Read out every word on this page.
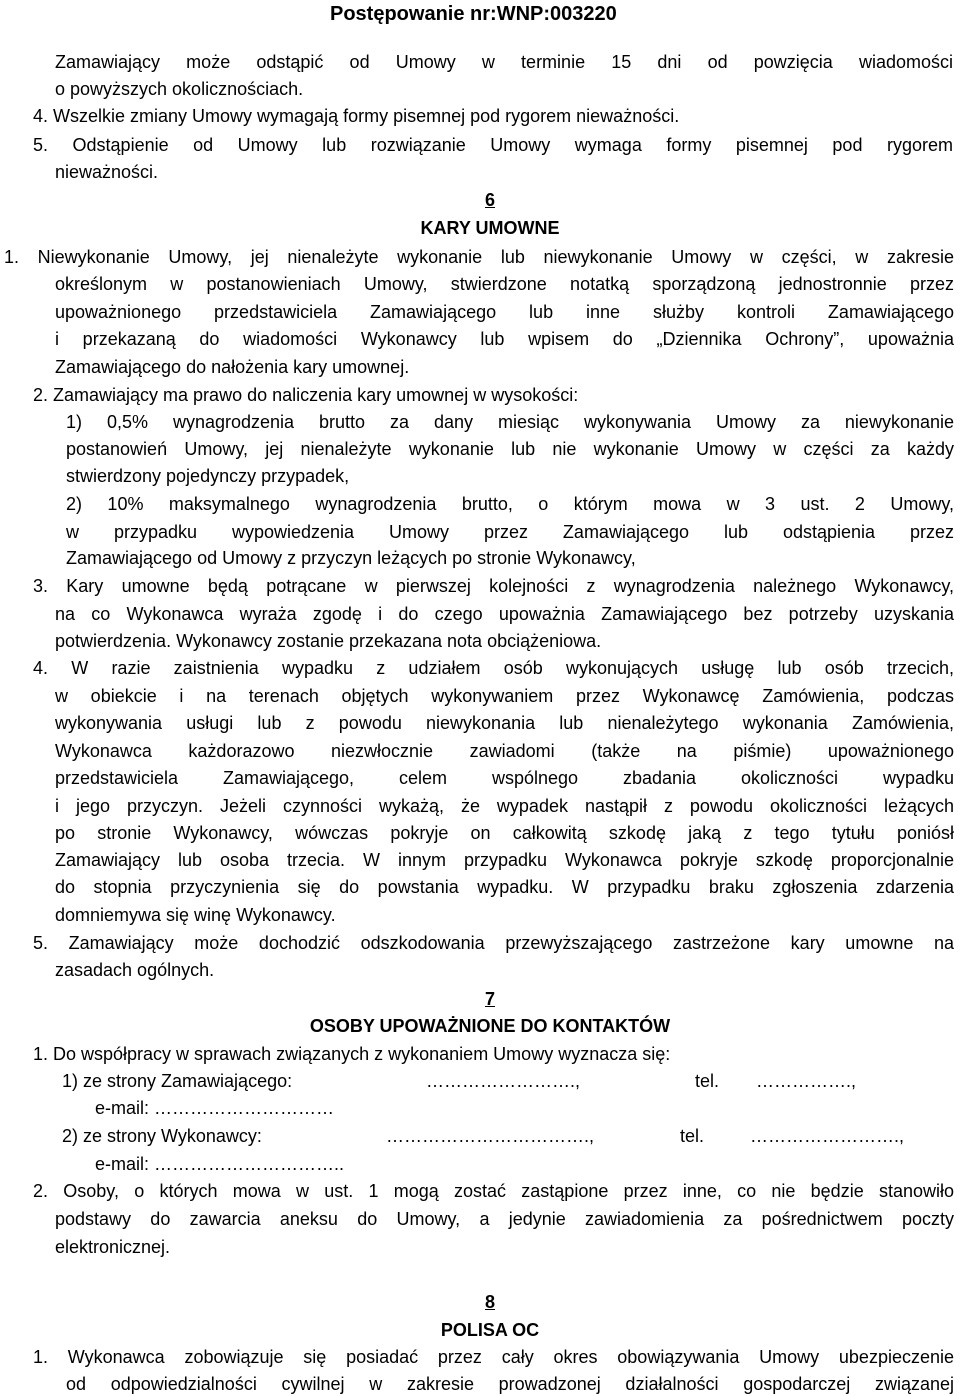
Postępowanie nr:WNP:003220
Zamawiający może odstąpić od Umowy w terminie 15 dni od powzięcia wiadomości
o powyższych okolicznościach.
4. Wszelkie zmiany Umowy wymagają formy pisemnej pod rygorem nieważności.
5. Odstąpienie od Umowy lub rozwiązanie Umowy wymaga formy pisemnej pod rygorem
nieważności.
6
KARY UMOWNE
1. Niewykonanie Umowy, jej nienależyte wykonanie lub niewykonanie Umowy w części, w zakresie
określonym w postanowieniach Umowy, stwierdzone notatką sporządzoną jednostronnie przez
upoważnionego przedstawiciela Zamawiającego lub inne służby kontroli Zamawiającego
i przekazaną do wiadomości Wykonawcy lub wpisem do „Dziennika Ochrony”, upoważnia
Zamawiającego do nałożenia kary umownej.
2. Zamawiający ma prawo do naliczenia kary umownej w wysokości:
1) 0,5% wynagrodzenia brutto za dany miesiąc wykonywania Umowy za niewykonanie
postanowień Umowy, jej nienależyte wykonanie lub nie wykonanie Umowy w części za każdy
stwierdzony pojedynczy przypadek,
2) 10% maksymalnego wynagrodzenia brutto, o którym mowa w 3 ust. 2 Umowy,
w przypadku wypowiedzenia Umowy przez Zamawiającego lub odstąpienia przez
Zamawiającego od Umowy z przyczyn leżących po stronie Wykonawcy,
3. Kary umowne będą potrącane w pierwszej kolejności z wynagrodzenia należnego Wykonawcy,
na co Wykonawca wyraża zgodę i do czego upoważnia Zamawiającego bez potrzeby uzyskania
potwierdzenia. Wykonawcy zostanie przekazana nota obciążeniowa.
4. W razie zaistnienia wypadku z udziałem osób wykonujących usługę lub osób trzecich,
w obiekcie i na terenach objętych wykonywaniem przez Wykonawcę Zamówienia, podczas
wykonywania usługi lub z powodu niewykonania lub nienależytego wykonania Zamówienia,
Wykonawca każdorazowo niezwłocznie zawiadomi (także na piśmie) upoważnionego
przedstawiciela Zamawiającego, celem wspólnego zbadania okoliczności wypadku
i jego przyczyn. Jeżeli czynności wykażą, że wypadek nastąpił z powodu okoliczności leżących
po stronie Wykonawcy, wówczas pokryje on całkowitą szkodę jaką z tego tytułu poniósł
Zamawiający lub osoba trzecia. W innym przypadku Wykonawca pokryje szkodę proporcjonalnie
do stopnia przyczynienia się do powstania wypadku. W przypadku braku zgłoszenia zdarzenia
domniemywa się winę Wykonawcy.
5. Zamawiający może dochodzić odszkodowania przewyższającego zastrzeżone kary umowne na
zasadach ogólnych.
7
OSOBY UPOWAŻNIONE DO KONTAKTÓW
1. Do współpracy w sprawach związanych z wykonaniem Umowy wyznacza się:
1) ze strony Zamawiającego:	…………………….,	tel. …………….,
e-mail: …………………………
2) ze strony Wykonawcy:	…………………………….,	tel.	…………………….,
e-mail: …………………………..
2. Osoby, o których mowa w ust. 1 mogą zostać zastąpione przez inne, co nie będzie stanowiło
podstawy do zawarcia aneksu do Umowy, a jedynie zawiadomienia za pośrednictwem poczty
elektronicznej.
8
POLISA OC
1. Wykonawca zobowiązuje się posiadać przez cały okres obowiązywania Umowy ubezpieczenie
od odpowiedzialności cywilnej w zakresie prowadzonej działalności gospodarczej związanej
